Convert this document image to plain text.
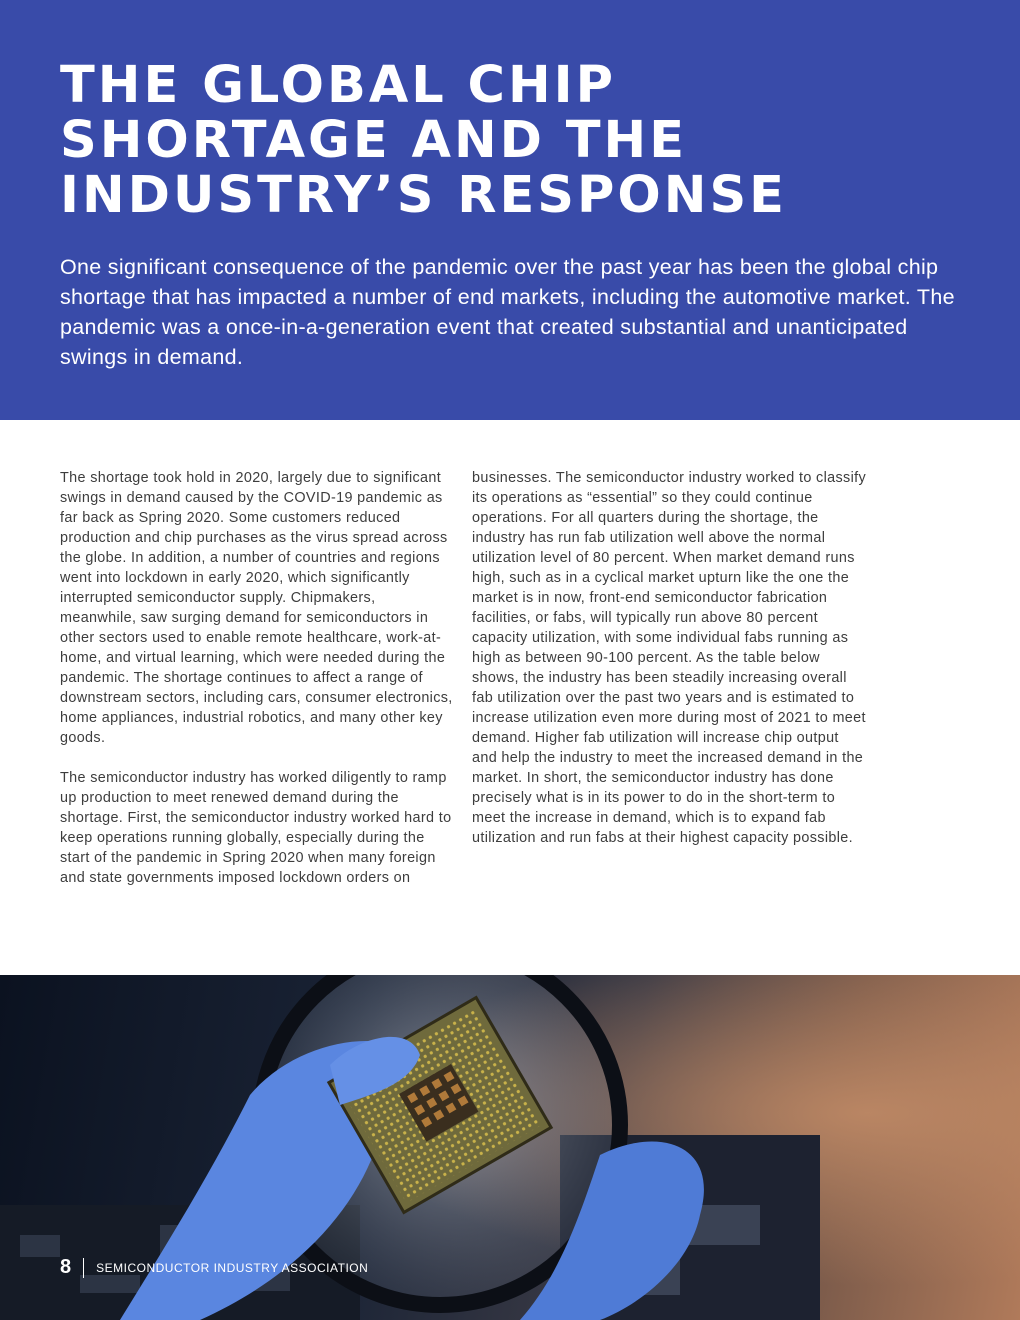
THE GLOBAL CHIP
SHORTAGE AND THE
INDUSTRY’S RESPONSE

One significant consequence of the pandemic over the past year has been the global chip shortage that has impacted a number of end markets, including the automotive market. The pandemic was a once-in-a-generation event that created substantial and unanticipated swings in demand.

The shortage took hold in 2020, largely due to significant swings in demand caused by the COVID-19 pandemic as far back as Spring 2020. Some customers reduced production and chip purchases as the virus spread across the globe. In addition, a number of countries and regions went into lockdown in early 2020, which significantly interrupted semiconductor supply. Chipmakers, meanwhile, saw surging demand for semiconductors in other sectors used to enable remote healthcare, work-at-home, and virtual learning, which were needed during the pandemic. The shortage continues to affect a range of downstream sectors, including cars, consumer electronics, home appliances, industrial robotics, and many other key goods.

The semiconductor industry has worked diligently to ramp up production to meet renewed demand during the shortage. First, the semiconductor industry worked hard to keep operations running globally, especially during the start of the pandemic in Spring 2020 when many foreign and state governments imposed lockdown orders on

businesses. The semiconductor industry worked to classify its operations as “essential” so they could continue operations. For all quarters during the shortage, the industry has run fab utilization well above the normal utilization level of 80 percent. When market demand runs high, such as in a cyclical market upturn like the one the market is in now, front-end semiconductor fabrication facilities, or fabs, will typically run above 80 percent capacity utilization, with some individual fabs running as high as between 90-100 percent. As the table below shows, the industry has been steadily increasing overall fab utilization over the past two years and is estimated to increase utilization even more during most of 2021 to meet demand. Higher fab utilization will increase chip output and help the industry to meet the increased demand in the market. In short, the semiconductor industry has done precisely what is in its power to do in the short-term to meet the increase in demand, which is to expand fab utilization and run fabs at their highest capacity possible.

8 SEMICONDUCTOR INDUSTRY ASSOCIATION
